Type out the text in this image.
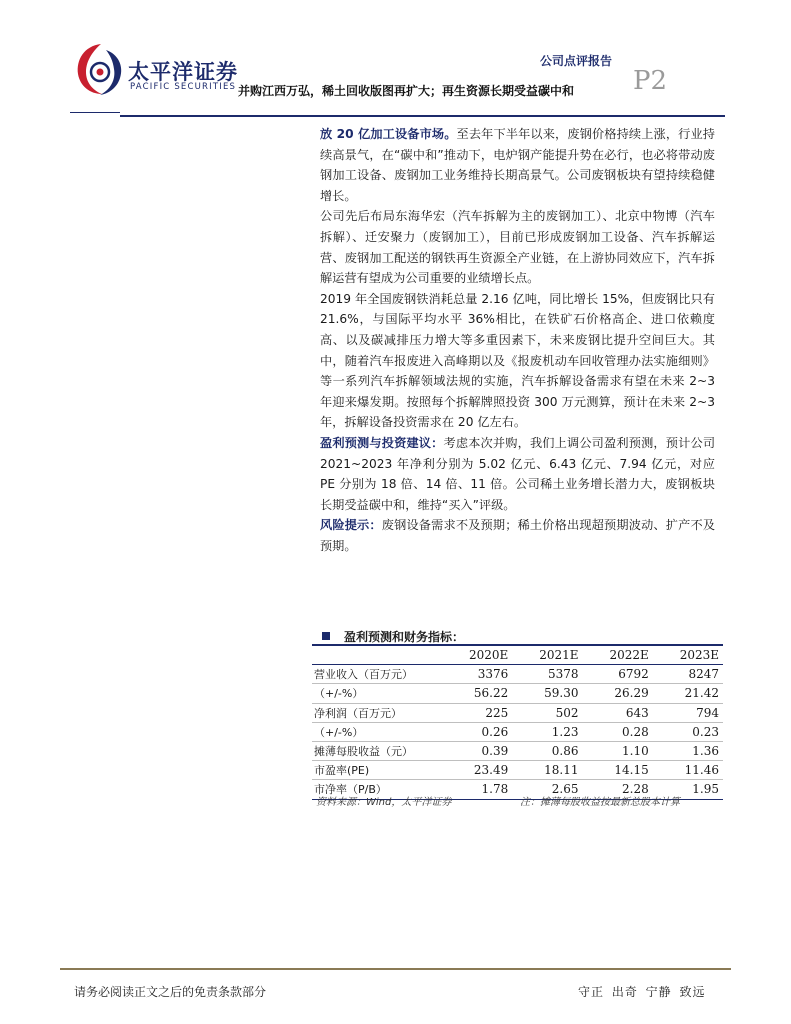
太平洋证券
PACIFIC SECURITIES
公司点评报告
并购江西万弘，稀土回收版图再扩大；再生资源长期受益碳中和 P2

放 20 亿加工设备市场。至去年下半年以来，废钢价格持续上涨，行业持续高景气，在“碳中和”推动下，电炉钢产能提升势在必行，也必将带动废钢加工设备、废钢加工业务维持长期高景气。公司废钢板块有望持续稳健增长。

公司先后布局东海华宏（汽车拆解为主的废钢加工）、北京中物博（汽车拆解）、迁安聚力（废钢加工），目前已形成废钢加工设备、汽车拆解运营、废钢加工配送的钢铁再生资源全产业链，在上游协同效应下，汽车拆解运营有望成为公司重要的业绩增长点。

2019 年全国废钢铁消耗总量 2.16 亿吨，同比增长 15%，但废钢比只有 21.6%，与国际平均水平 36%相比，在铁矿石价格高企、进口依赖度高、以及碳减排压力增大等多重因素下，未来废钢比提升空间巨大。其中，随着汽车报废进入高峰期以及《报废机动车回收管理办法实施细则》等一系列汽车拆解领域法规的实施，汽车拆解设备需求有望在未来 2~3 年迎来爆发期。按照每个拆解牌照投资 300 万元测算，预计在未来 2~3 年，拆解设备投资需求在 20 亿左右。

盈利预测与投资建议：考虑本次并购，我们上调公司盈利预测，预计公司 2021~2023 年净利分别为 5.02 亿元、6.43 亿元、7.94 亿元，对应 PE 分别为 18 倍、14 倍、11 倍。公司稀土业务增长潜力大，废钢板块长期受益碳中和，维持“买入”评级。

风险提示：废钢设备需求不及预期；稀土价格出现超预期波动、扩产不及预期。

盈利预测和财务指标：
	2020E	2021E	2022E	2023E
营业收入（百万元）	3376	5378	6792	8247
（+/-%）	56.22	59.30	26.29	21.42
净利润（百万元）	225	502	643	794
（+/-%）	0.26	1.23	0.28	0.23
摊薄每股收益（元）	0.39	0.86	1.10	1.36
市盈率(PE)	23.49	18.11	14.15	11.46
市净率（P/B）	1.78	2.65	2.28	1.95
资料来源：Wind，太平洋证券	注：摊薄每股收益按最新总股本计算
请务必阅读正文之后的免责条款部分	守正 出奇 宁静 致远
